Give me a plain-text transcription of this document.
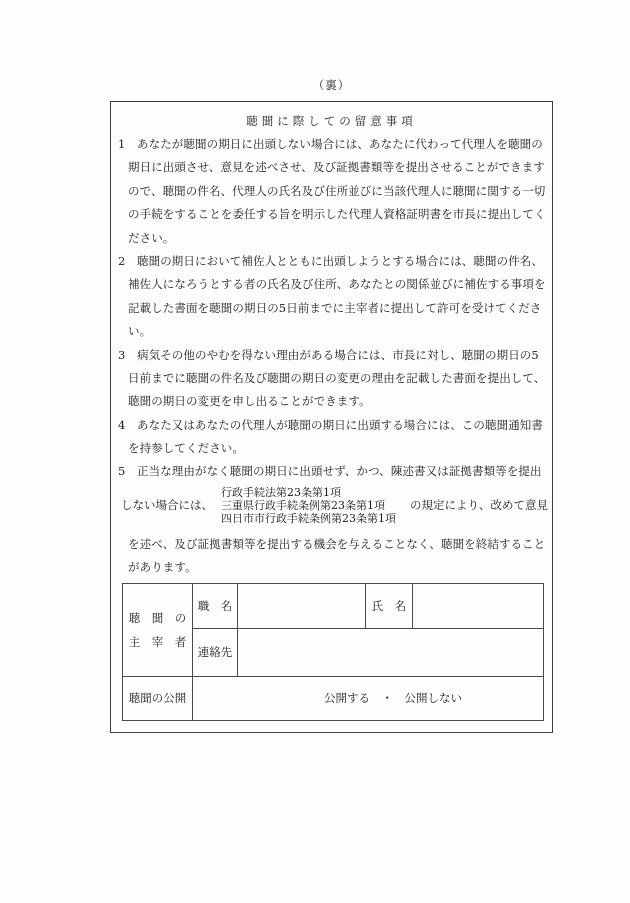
（裏）
聴聞に際しての留意事項
1 あなたが聴聞の期日に出頭しない場合には、あなたに代わって代理人を聴聞の
期日に出頭させ、意見を述べさせ、及び証拠書類等を提出させることができます
ので、聴聞の件名、代理人の氏名及び住所並びに当該代理人に聴聞に関する一切
の手続をすることを委任する旨を明示した代理人資格証明書を市長に提出してく
ださい。
2 聴聞の期日において補佐人とともに出頭しようとする場合には、聴聞の件名、
補佐人になろうとする者の氏名及び住所、あなたとの関係並びに補佐する事項を
記載した書面を聴聞の期日の5日前までに主宰者に提出して許可を受けてくださ
い。
3 病気その他のやむを得ない理由がある場合には、市長に対し、聴聞の期日の5
日前までに聴聞の件名及び聴聞の期日の変更の理由を記載した書面を提出して、
聴聞の期日の変更を申し出ることができます。
4 あなた又はあなたの代理人が聴聞の期日に出頭する場合には、この聴聞通知書
を持参してください。
5 正当な理由がなく聴聞の期日に出頭せず、かつ、陳述書又は証拠書類等を提出
しない場合には、
行政手続法第23条第1項
三重県行政手続条例第23条第1項
四日市市行政手続条例第23条第1項
の規定により、改めて意見
を述べ、及び証拠書類等を提出する機会を与えることなく、聴聞を終結すること
があります。
聴　聞　の
主　宰　者	職　名		氏　名	
	連絡先			
聴聞の公開	公開する　・　公開しない			
